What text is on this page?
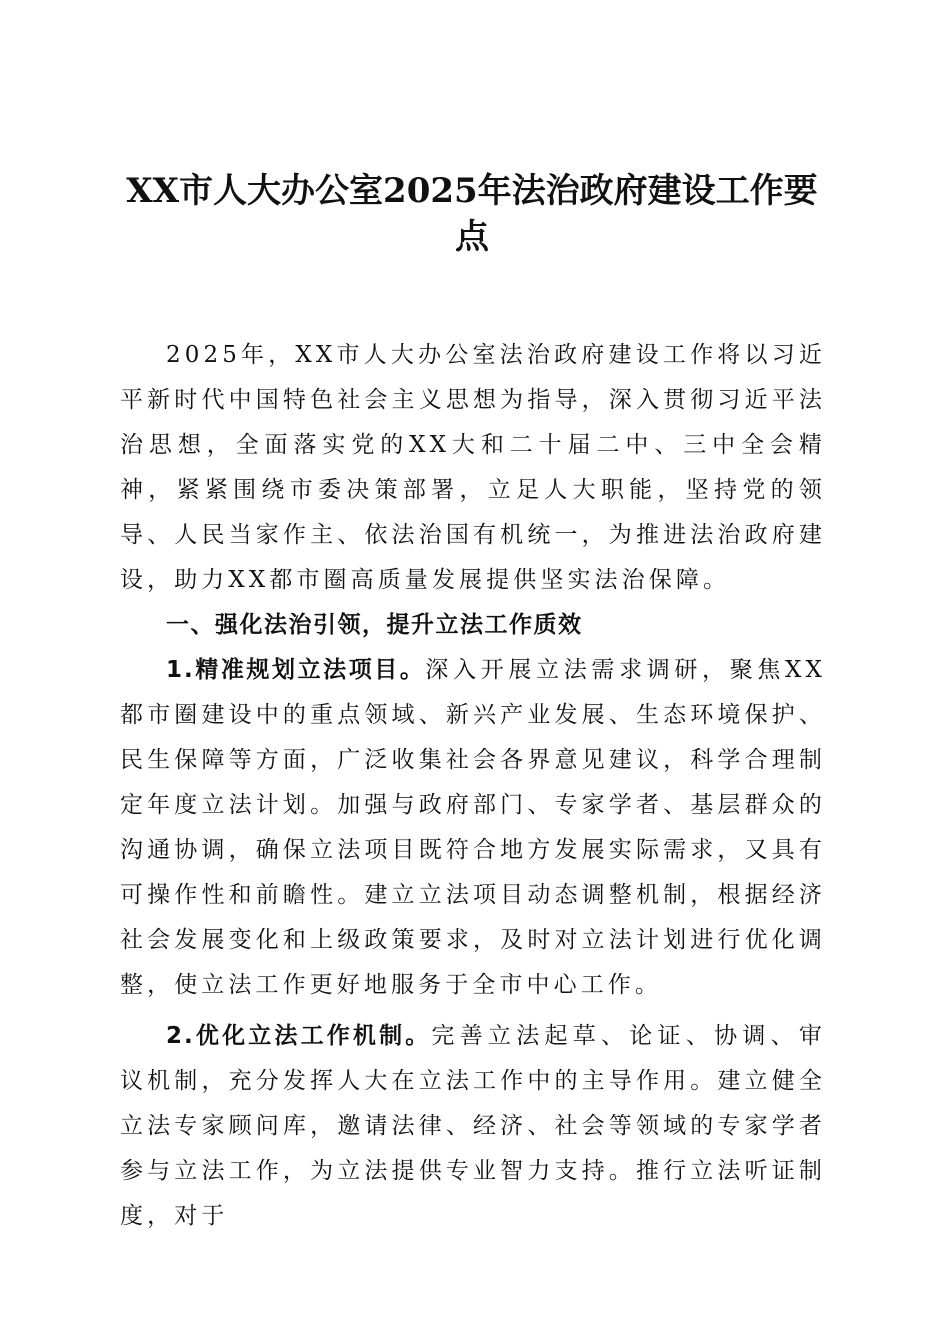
XX市人大办公室2025年法治政府建设工作要点

2025年，XX市人大办公室法治政府建设工作将以习近平新时代中国特色社会主义思想为指导，深入贯彻习近平法治思想，全面落实党的XX大和二十届二中、三中全会精神，紧紧围绕市委决策部署，立足人大职能，坚持党的领导、人民当家作主、依法治国有机统一，为推进法治政府建设，助力XX都市圈高质量发展提供坚实法治保障。

一、强化法治引领，提升立法工作质效

1.精准规划立法项目。深入开展立法需求调研，聚焦XX都市圈建设中的重点领域、新兴产业发展、生态环境保护、民生保障等方面，广泛收集社会各界意见建议，科学合理制定年度立法计划。加强与政府部门、专家学者、基层群众的沟通协调，确保立法项目既符合地方发展实际需求，又具有可操作性和前瞻性。建立立法项目动态调整机制，根据经济社会发展变化和上级政策要求，及时对立法计划进行优化调整，使立法工作更好地服务于全市中心工作。

2.优化立法工作机制。完善立法起草、论证、协调、审议机制，充分发挥人大在立法工作中的主导作用。建立健全立法专家顾问库，邀请法律、经济、社会等领域的专家学者参与立法工作，为立法提供专业智力支持。推行立法听证制度，对于
